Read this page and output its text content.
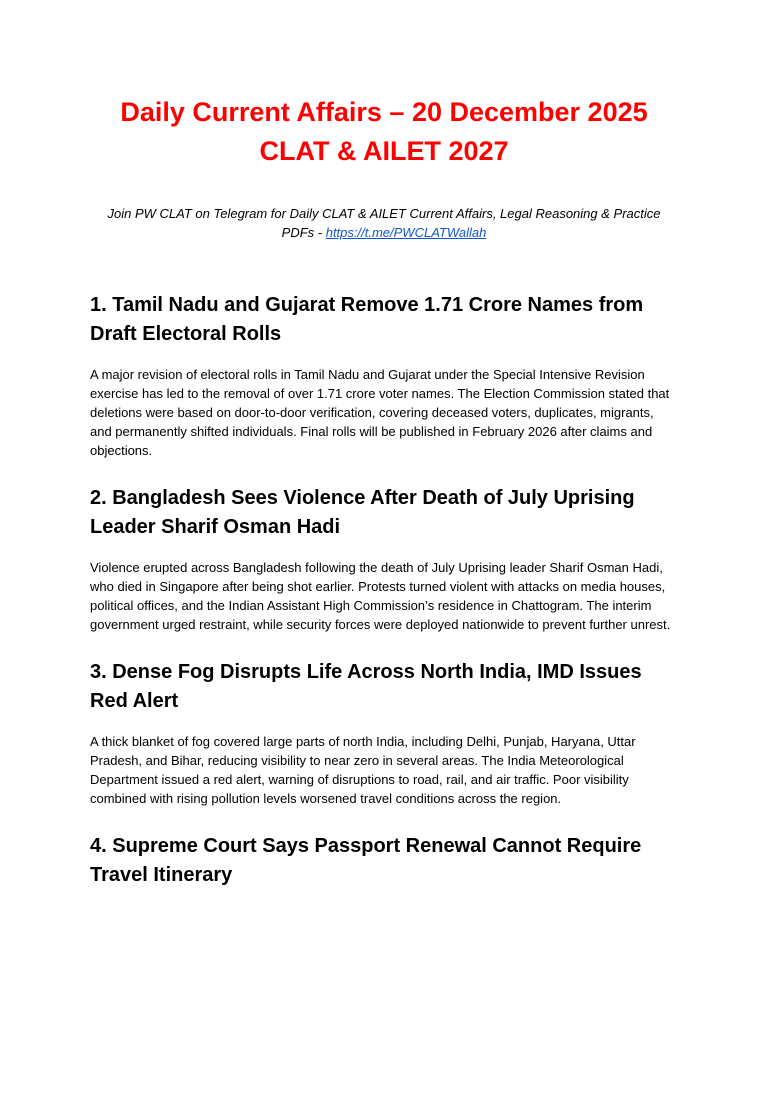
Daily Current Affairs – 20 December 2025
CLAT & AILET 2027

Join PW CLAT on Telegram for Daily CLAT & AILET Current Affairs, Legal Reasoning & Practice PDFs - https://t.me/PWCLATWallah

1. Tamil Nadu and Gujarat Remove 1.71 Crore Names from Draft Electoral Rolls

A major revision of electoral rolls in Tamil Nadu and Gujarat under the Special Intensive Revision exercise has led to the removal of over 1.71 crore voter names. The Election Commission stated that deletions were based on door-to-door verification, covering deceased voters, duplicates, migrants, and permanently shifted individuals. Final rolls will be published in February 2026 after claims and objections.

2. Bangladesh Sees Violence After Death of July Uprising Leader Sharif Osman Hadi

Violence erupted across Bangladesh following the death of July Uprising leader Sharif Osman Hadi, who died in Singapore after being shot earlier. Protests turned violent with attacks on media houses, political offices, and the Indian Assistant High Commission’s residence in Chattogram. The interim government urged restraint, while security forces were deployed nationwide to prevent further unrest.

3. Dense Fog Disrupts Life Across North India, IMD Issues Red Alert

A thick blanket of fog covered large parts of north India, including Delhi, Punjab, Haryana, Uttar Pradesh, and Bihar, reducing visibility to near zero in several areas. The India Meteorological Department issued a red alert, warning of disruptions to road, rail, and air traffic. Poor visibility combined with rising pollution levels worsened travel conditions across the region.

4. Supreme Court Says Passport Renewal Cannot Require Travel Itinerary
